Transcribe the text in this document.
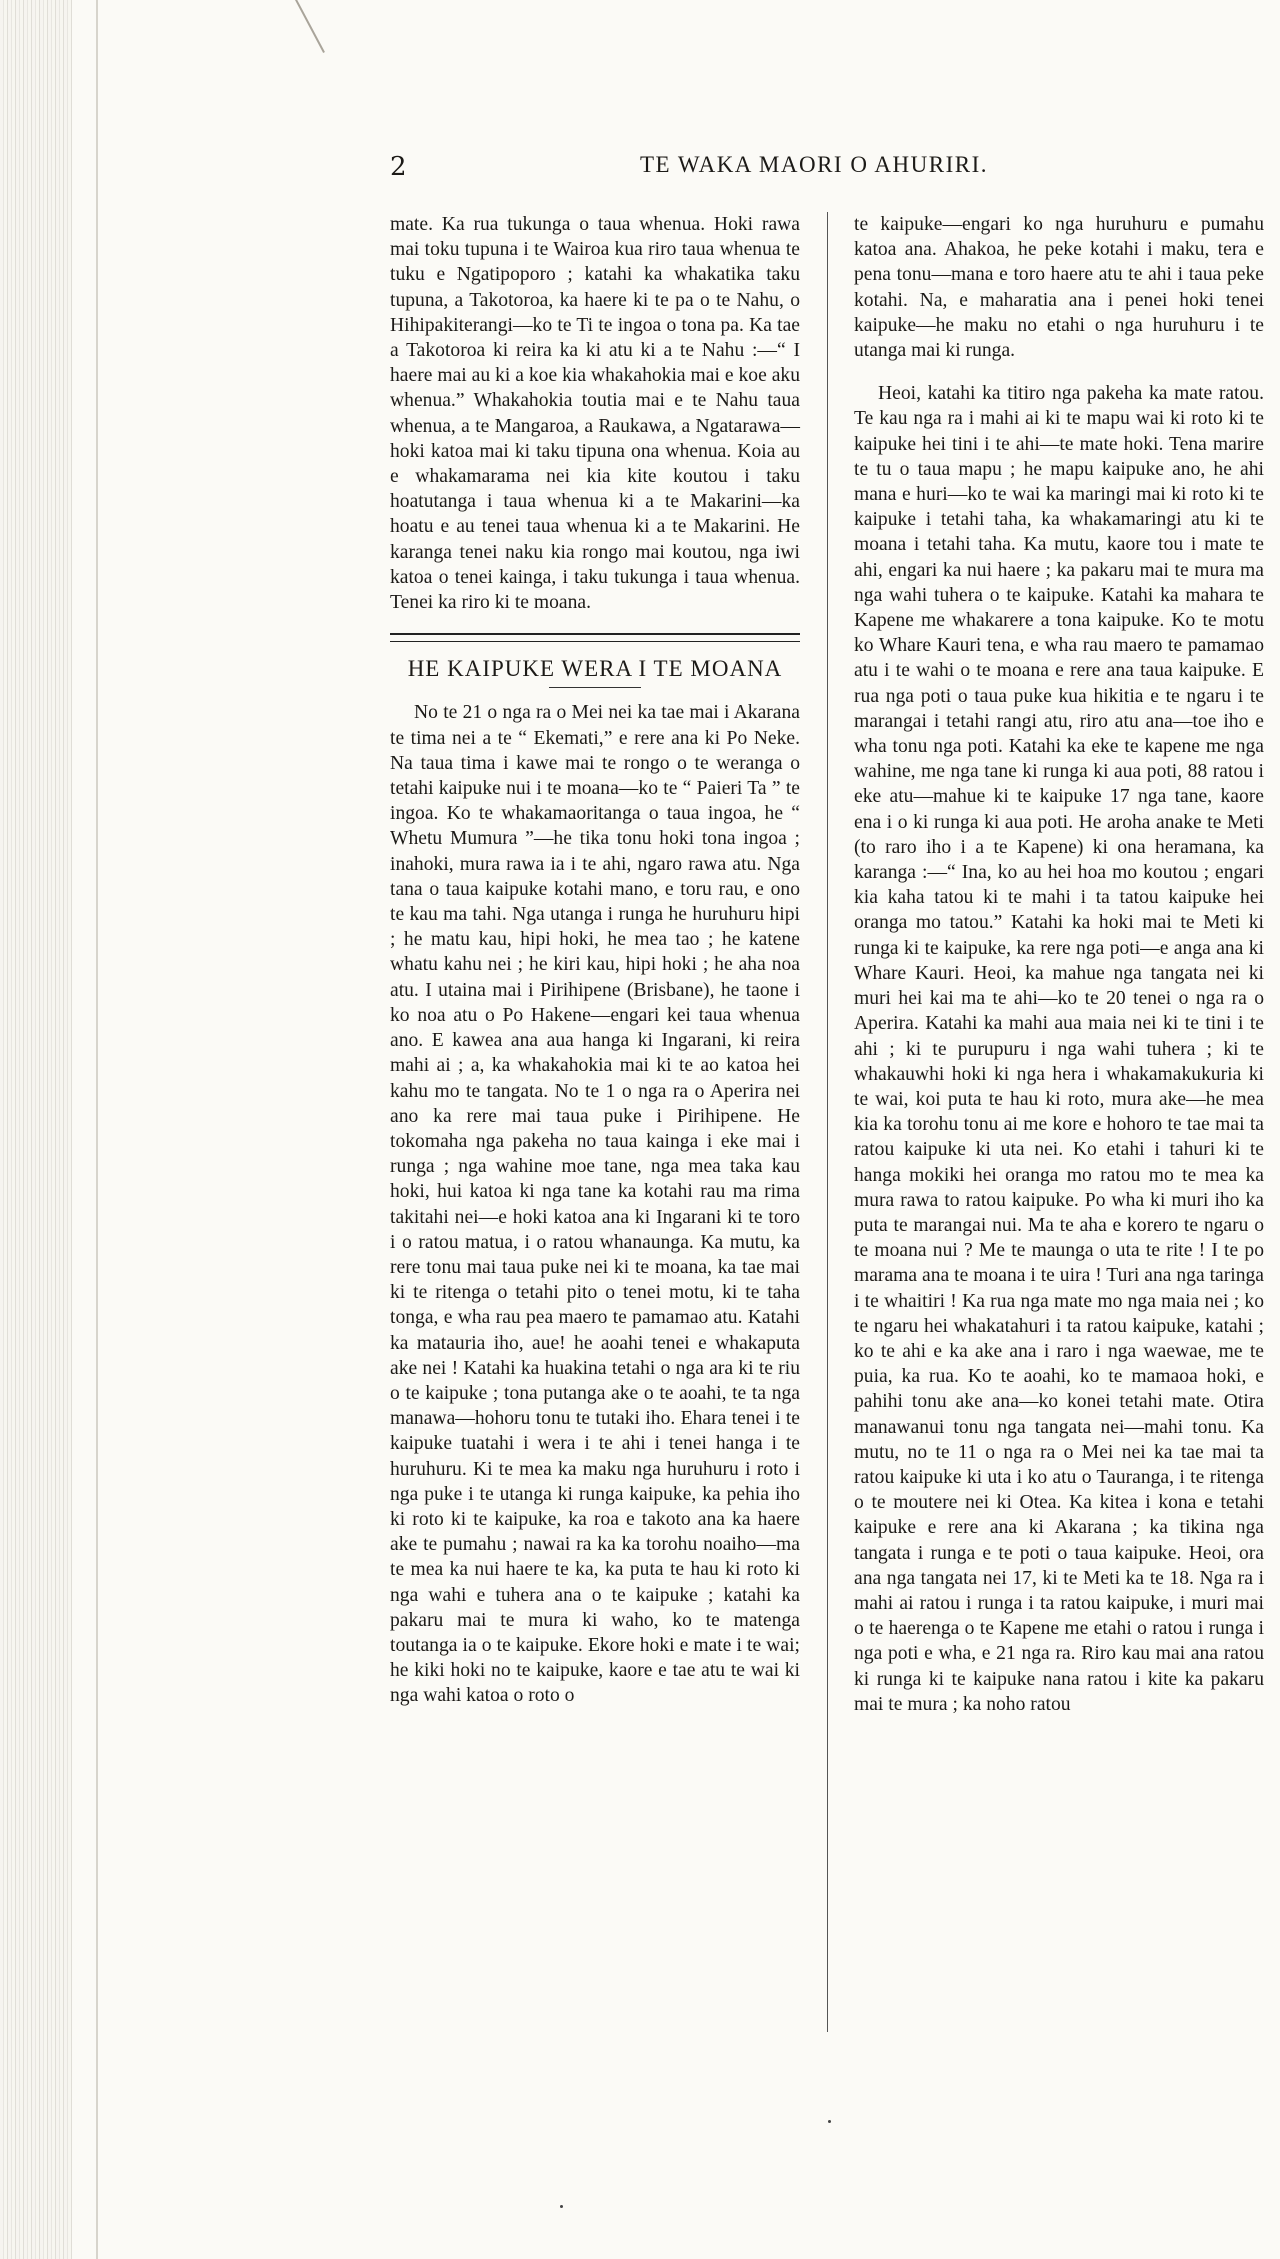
2	TE WAKA MAORI O AHURIRI.

mate. Ka rua tukunga o taua whenua. Hoki rawa mai toku tupuna i te Wairoa kua riro taua whenua te tuku e Ngatipoporo ; katahi ka whakatika taku tupuna, a Takotoroa, ka haere ki te pa o te Nahu, o Hihipakiterangi—ko te Ti te ingoa o tona pa. Ka tae a Takotoroa ki reira ka ki atu ki a te Nahu :—“ I haere mai au ki a koe kia whakahokia mai e koe aku whenua.” Whakahokia toutia mai e te Nahu taua whenua, a te Mangaroa, a Raukawa, a Ngatarawa—hoki katoa mai ki taku tipuna ona whenua. Koia au e whakamarama nei kia kite koutou i taku hoatutanga i taua whenua ki a te Makarini—ka hoatu e au tenei taua whenua ki a te Makarini. He karanga tenei naku kia rongo mai koutou, nga iwi katoa o tenei kainga, i taku tukunga i taua whenua. Tenei ka riro ki te moana.

HE KAIPUKE WERA I TE MOANA

No te 21 o nga ra o Mei nei ka tae mai i Akarana te tima nei a te “ Ekemati,” e rere ana ki Po Neke. Na taua tima i kawe mai te rongo o te weranga o tetahi kaipuke nui i te moana—ko te “ Paieri Ta ” te ingoa. Ko te whakamaoritanga o taua ingoa, he “ Whetu Mumura ”—he tika tonu hoki tona ingoa ; inahoki, mura rawa ia i te ahi, ngaro rawa atu. Nga tana o taua kaipuke kotahi mano, e toru rau, e ono te kau ma tahi. Nga utanga i runga he huruhuru hipi ; he matu kau, hipi hoki, he mea tao ; he katene whatu kahu nei ; he kiri kau, hipi hoki ; he aha noa atu. I utaina mai i Pirihipene (Brisbane), he taone i ko noa atu o Po Hakene—engari kei taua whenua ano. E kawea ana aua hanga ki Ingarani, ki reira mahi ai ; a, ka whakahokia mai ki te ao katoa hei kahu mo te tangata. No te 1 o nga ra o Aperira nei ano ka rere mai taua puke i Pirihipene. He tokomaha nga pakeha no taua kainga i eke mai i runga ; nga wahine moe tane, nga mea taka kau hoki, hui katoa ki nga tane ka kotahi rau ma rima takitahi nei—e hoki katoa ana ki Ingarani ki te toro i o ratou matua, i o ratou whanaunga. Ka mutu, ka rere tonu mai taua puke nei ki te moana, ka tae mai ki te ritenga o tetahi pito o tenei motu, ki te taha tonga, e wha rau pea maero te pamamao atu. Katahi ka matauria iho, aue! he aoahi tenei e whakaputa ake nei ! Katahi ka huakina tetahi o nga ara ki te riu o te kaipuke ; tona putanga ake o te aoahi, te ta nga manawa—hohoru tonu te tutaki iho. Ehara tenei i te kaipuke tuatahi i wera i te ahi i tenei hanga i te huruhuru. Ki te mea ka maku nga huruhuru i roto i nga puke i te utanga ki runga kaipuke, ka pehia iho ki roto ki te kaipuke, ka roa e takoto ana ka haere ake te pumahu ; nawai ra ka ka torohu noaiho—ma te mea ka nui haere te ka, ka puta te hau ki roto ki nga wahi e tuhera ana o te kaipuke ; katahi ka pakaru mai te mura ki waho, ko te matenga toutanga ia o te kaipuke. Ekore hoki e mate i te wai; he kiki hoki no te kaipuke, kaore e tae atu te wai ki nga wahi katoa o roto o

te kaipuke—engari ko nga huruhuru e pumahu katoa ana. Ahakoa, he peke kotahi i maku, tera e pena tonu—mana e toro haere atu te ahi i taua peke kotahi. Na, e maharatia ana i penei hoki tenei kaipuke—he maku no etahi o nga huruhuru i te utanga mai ki runga.

Heoi, katahi ka titiro nga pakeha ka mate ratou. Te kau nga ra i mahi ai ki te mapu wai ki roto ki te kaipuke hei tini i te ahi—te mate hoki. Tena marire te tu o taua mapu ; he mapu kaipuke ano, he ahi mana e huri—ko te wai ka maringi mai ki roto ki te kaipuke i tetahi taha, ka whakamaringi atu ki te moana i tetahi taha. Ka mutu, kaore tou i mate te ahi, engari ka nui haere ; ka pakaru mai te mura ma nga wahi tuhera o te kaipuke. Katahi ka mahara te Kapene me whakarere a tona kaipuke. Ko te motu ko Whare Kauri tena, e wha rau maero te pamamao atu i te wahi o te moana e rere ana taua kaipuke. E rua nga poti o taua puke kua hikitia e te ngaru i te marangai i tetahi rangi atu, riro atu ana—toe iho e wha tonu nga poti. Katahi ka eke te kapene me nga wahine, me nga tane ki runga ki aua poti, 88 ratou i eke atu—mahue ki te kaipuke 17 nga tane, kaore ena i o ki runga ki aua poti. He aroha anake te Meti (to raro iho i a te Kapene) ki ona heramana, ka karanga :—“ Ina, ko au hei hoa mo koutou ; engari kia kaha tatou ki te mahi i ta tatou kaipuke hei oranga mo tatou.” Katahi ka hoki mai te Meti ki runga ki te kaipuke, ka rere nga poti—e anga ana ki Whare Kauri. Heoi, ka mahue nga tangata nei ki muri hei kai ma te ahi—ko te 20 tenei o nga ra o Aperira. Katahi ka mahi aua maia nei ki te tini i te ahi ; ki te purupuru i nga wahi tuhera ; ki te whakauwhi hoki ki nga hera i whakamakukuria ki te wai, koi puta te hau ki roto, mura ake—he mea kia ka torohu tonu ai me kore e hohoro te tae mai ta ratou kaipuke ki uta nei. Ko etahi i tahuri ki te hanga mokiki hei oranga mo ratou mo te mea ka mura rawa to ratou kaipuke. Po wha ki muri iho ka puta te marangai nui. Ma te aha e korero te ngaru o te moana nui ? Me te maunga o uta te rite ! I te po marama ana te moana i te uira ! Turi ana nga taringa i te whaitiri ! Ka rua nga mate mo nga maia nei ; ko te ngaru hei whakatahuri i ta ratou kaipuke, katahi ; ko te ahi e ka ake ana i raro i nga waewae, me te puia, ka rua. Ko te aoahi, ko te mamaoa hoki, e pahihi tonu ake ana—ko konei tetahi mate. Otira manawanui tonu nga tangata nei—mahi tonu. Ka mutu, no te 11 o nga ra o Mei nei ka tae mai ta ratou kaipuke ki uta i ko atu o Tauranga, i te ritenga o te moutere nei ki Otea. Ka kitea i kona e tetahi kaipuke e rere ana ki Akarana ; ka tikina nga tangata i runga e te poti o taua kaipuke. Heoi, ora ana nga tangata nei 17, ki te Meti ka te 18. Nga ra i mahi ai ratou i runga i ta ratou kaipuke, i muri mai o te haerenga o te Kapene me etahi o ratou i runga i nga poti e wha, e 21 nga ra. Riro kau mai ana ratou ki runga ki te kaipuke nana ratou i kite ka pakaru mai te mura ; ka noho ratou
